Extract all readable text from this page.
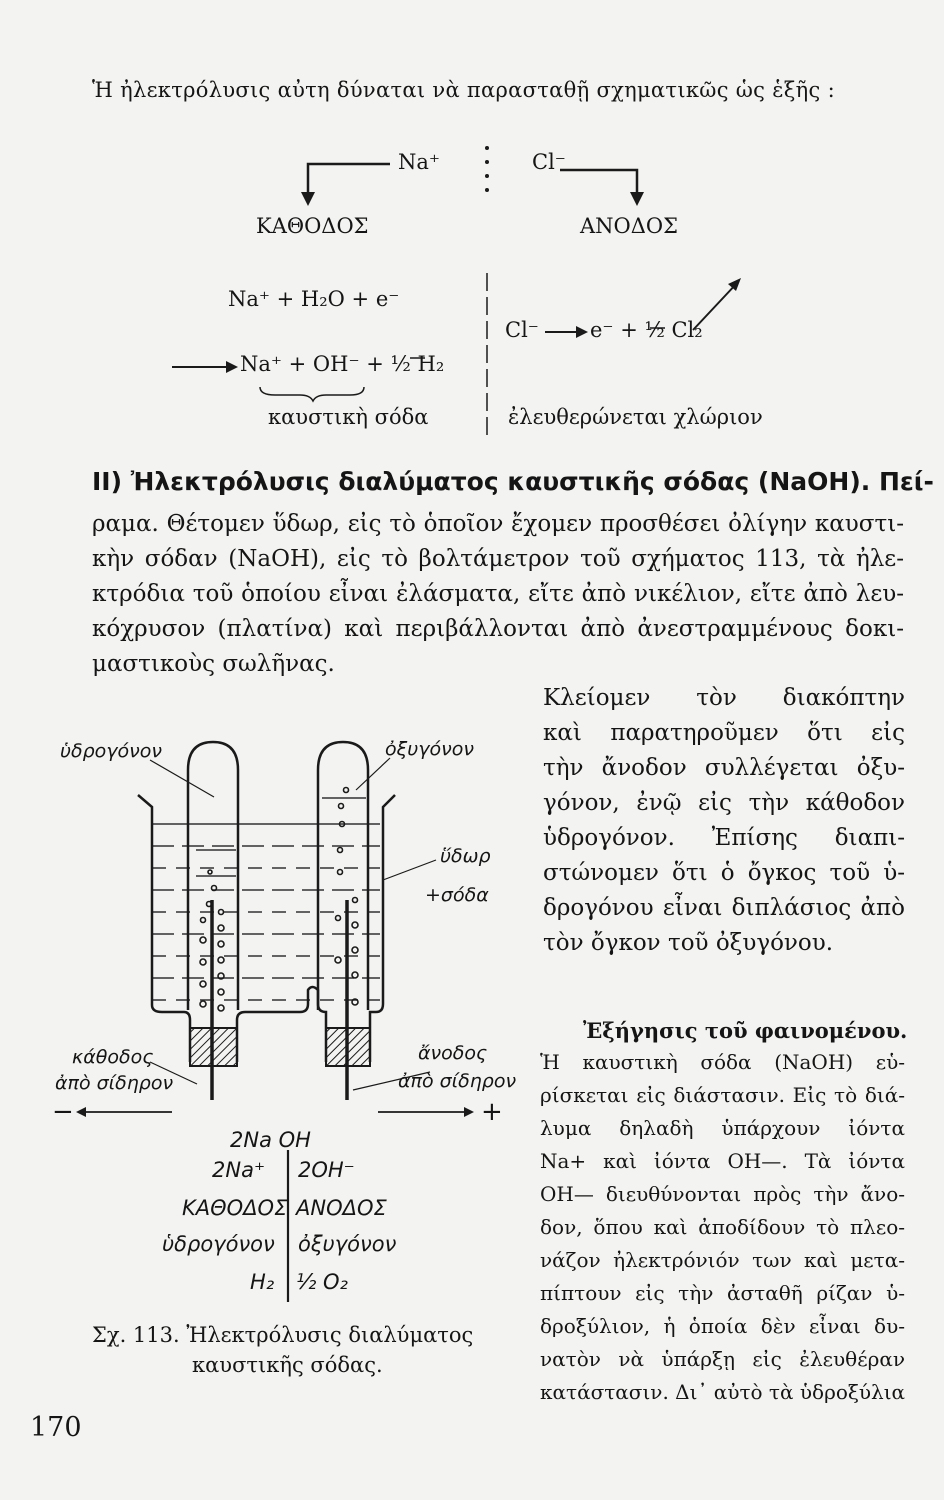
Ἡ ἠλεκτρόλυσις αὐτη δύναται νὰ παρασταθῇ σχηματικῶς ὡς ἑξῆς :
Na⁺	Cl⁻
ΚΑΘΟΔΟΣ	ΑΝΟΔΟΣ
Na⁺ + H₂O + e⁻
Na⁺ + OH⁻ + ½ H₂
Cl⁻ e⁻ + ½ Cl₂
καυστικὴ σόδα	ἐλευθερώνεται χλώριον
II) Ἠλεκτρόλυσις διαλύματος καυστικῆς σόδας (NaOH). Πεί-
ραμα. Θέτομεν ὕδωρ, εἰς τὸ ὁποῖον ἔχομεν προσθέσει ὀλίγην καυστι-
κὴν σόδαν (NaOH), εἰς τὸ βολτάμετρον τοῦ σχήματος 113, τὰ ἠλε-
κτρόδια τοῦ ὁποίου εἶναι ἐλάσματα, εἴτε ἀπὸ νικέλιον, εἴτε ἀπὸ λευ-
κόχρυσον (πλατίνα) καὶ περιβάλλονται ἀπὸ ἀνεστραμμένους δοκι-
μαστικοὺς σωλῆνας.
Κλείομεν τὸν διακόπτην
καὶ παρατηροῦμεν ὅτι εἰς
τὴν ἄνοδον συλλέγεται ὀξυ-
γόνον, ἐνῷ εἰς τὴν κάθοδον
ὑδρογόνον. Ἐπίσης διαπι-
στώνομεν ὅτι ὁ ὄγκος τοῦ ὑ-
δρογόνου εἶναι διπλάσιος ἀπὸ
τὸν ὄγκον τοῦ ὀξυγόνου.
Ἐξήγησις τοῦ φαινομένου.
Ἡ καυστικὴ σόδα (NaOH) εὑ-
ρίσκεται εἰς διάστασιν. Εἰς τὸ διά-
λυμα δηλαδὴ ὑπάρχουν ἰόντα
Na+ καὶ ἰόντα OH—. Τὰ ἰόντα
OH— διευθύνονται πρὸς τὴν ἄνο-
δον, ὅπου καὶ ἀποδίδουν τὸ πλεο-
νάζον ἠλεκτρόνιόν των καὶ μετα-
πίπτουν εἰς τὴν ἀσταθῆ ρίζαν ὑ-
δροξύλιον, ἡ ὁποία δὲν εἶναι δυ-
νατὸν νὰ ὑπάρξῃ εἰς ἐλευθέραν
κατάστασιν. Δι᾽ αὐτὸ τὰ ὑδροξύλια
ὑδρογόνον	ὀξυγόνον
ὕδωρ
+σόδα
κάθοδος
ἀπὸ σίδηρον
ἄνοδος
ἀπὸ σίδηρον
−	+
2Na OH
2Na⁺ 2OH⁻
ΚΑΘΟΔΟΣ ΑΝΟΔΟΣ
ὑδρογόνον ὀξυγόνον
H₂ ½ O₂
Σχ. 113. Ἠλεκτρόλυσις διαλύματος
καυστικῆς σόδας.
170
